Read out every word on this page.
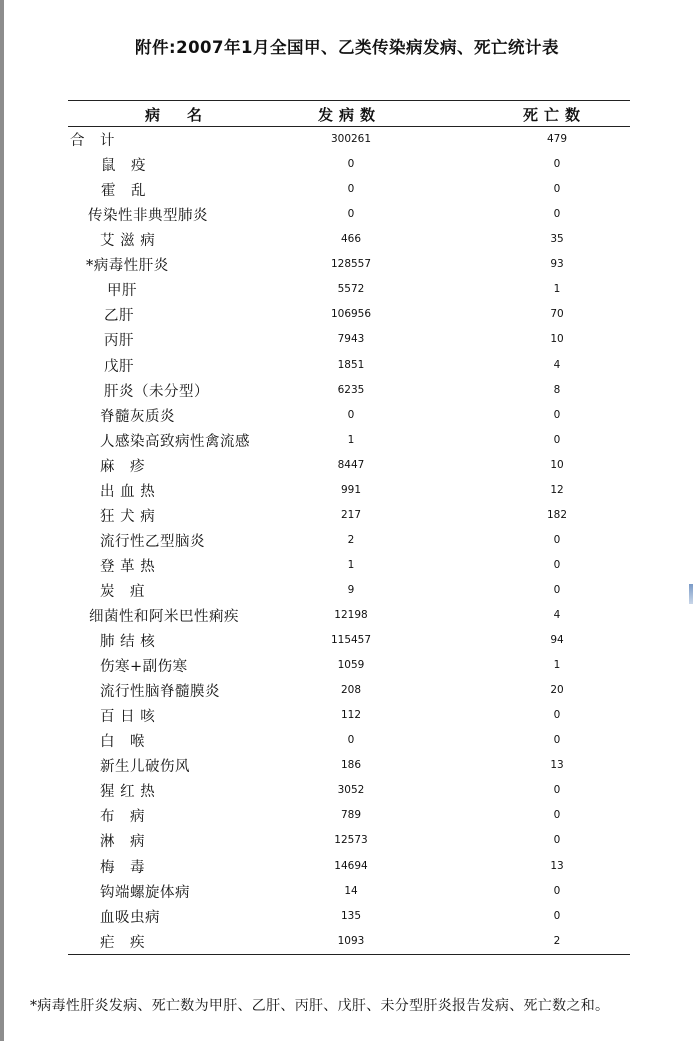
附件:2007年1月全国甲、乙类传染病发病、死亡统计表
病　名	发病数	死亡数
合　计	300261	479
鼠　疫	0	0
霍　乱	0	0
传染性非典型肺炎	0	0
艾 滋 病	466	35
*病毒性肝炎	128557	93
甲肝	5572	1
乙肝	106956	70
丙肝	7943	10
戊肝	1851	4
肝炎（未分型）	6235	8
脊髓灰质炎	0	0
人感染高致病性禽流感	1	0
麻　疹	8447	10
出 血 热	991	12
狂 犬 病	217	182
流行性乙型脑炎	2	0
登 革 热	1	0
炭　疽	9	0
细菌性和阿米巴性痢疾	12198	4
肺 结 核	115457	94
伤寒+副伤寒	1059	1
流行性脑脊髓膜炎	208	20
百 日 咳	112	0
白　喉	0	0
新生儿破伤风	186	13
猩 红 热	3052	0
布　病	789	0
淋　病	12573	0
梅　毒	14694	13
钩端螺旋体病	14	0
血吸虫病	135	0
疟　疾	1093	2
*病毒性肝炎发病、死亡数为甲肝、乙肝、丙肝、戊肝、未分型肝炎报告发病、死亡数之和。
